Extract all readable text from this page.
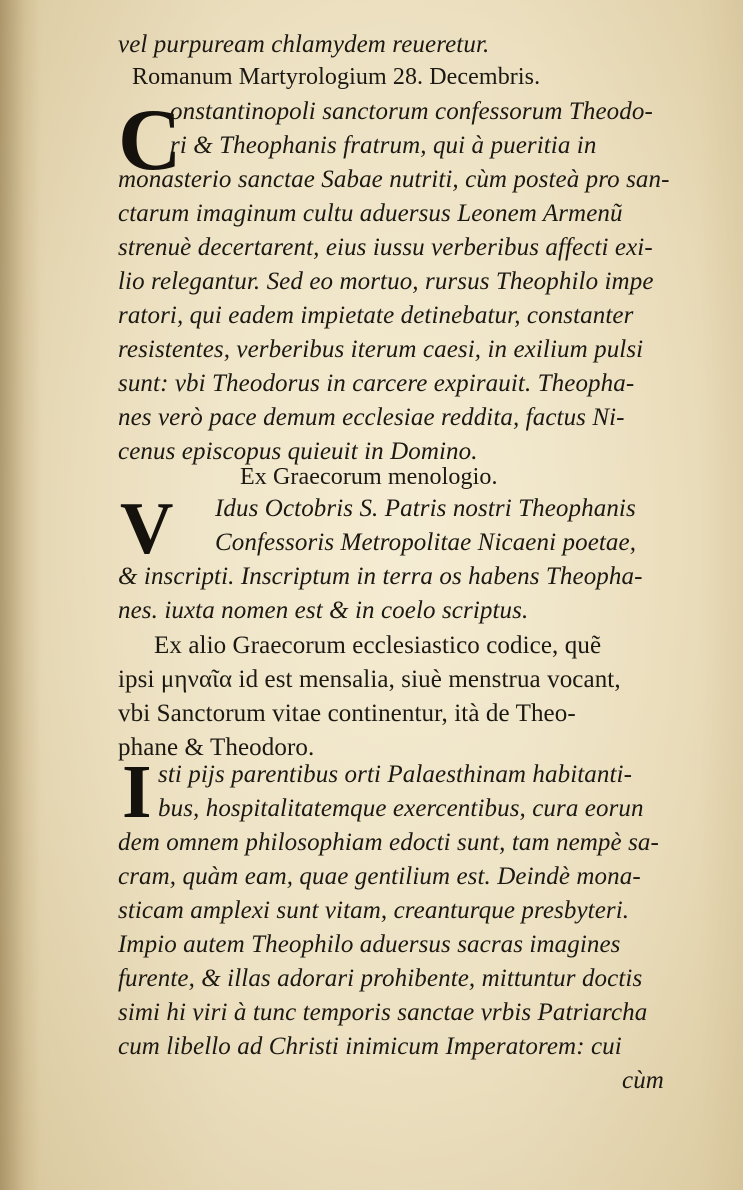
vel purpuream chlamydem reueretur.
Romanum Martyrologium 28. Decembris.
C
onstantinopoli sanctorum confessorum Theodo-
ri & Theophanis fratrum, qui à pueritia in
monasterio sanctae Sabae nutriti, cùm posteà pro san-
ctarum imaginum cultu aduersus Leonem Armenũ
strenuè decertarent, eius iussu verberibus affecti exi-
lio relegantur. Sed eo mortuo, rursus Theophilo impe
ratori, qui eadem impietate detinebatur, constanter
resistentes, verberibus iterum caesi, in exilium pulsi
sunt: vbi Theodorus in carcere expirauit. Theopha-
nes verò pace demum ecclesiae reddita, factus Ni-
cenus episcopus quieuit in Domino.
Ex Graecorum menologio.
V Idus Octobris S. Patris nostri Theophanis
Confessoris Metropolitae Nicaeni poetae,
& inscripti. Inscriptum in terra os habens Theopha-
nes. iuxta nomen est & in coelo scriptus.
Ex alio Graecorum ecclesiastico codice, quẽ
ipsi μηναῖα id est mensalia, siuè menstrua vocant,
vbi Sanctorum vitae continentur, ità de Theo-
phane & Theodoro.
I sti pijs parentibus orti Palaesthinam habitanti-
bus, hospitalitatemque exercentibus, cura eorun
dem omnem philosophiam edocti sunt, tam nempè sa-
cram, quàm eam, quae gentilium est. Deindè mona-
sticam amplexi sunt vitam, creanturque presbyteri.
Impio autem Theophilo aduersus sacras imagines
furente, & illas adorari prohibente, mittuntur doctis
simi hi viri à tunc temporis sanctae vrbis Patriarcha
cum libello ad Christi inimicum Imperatorem: cui
cùm
